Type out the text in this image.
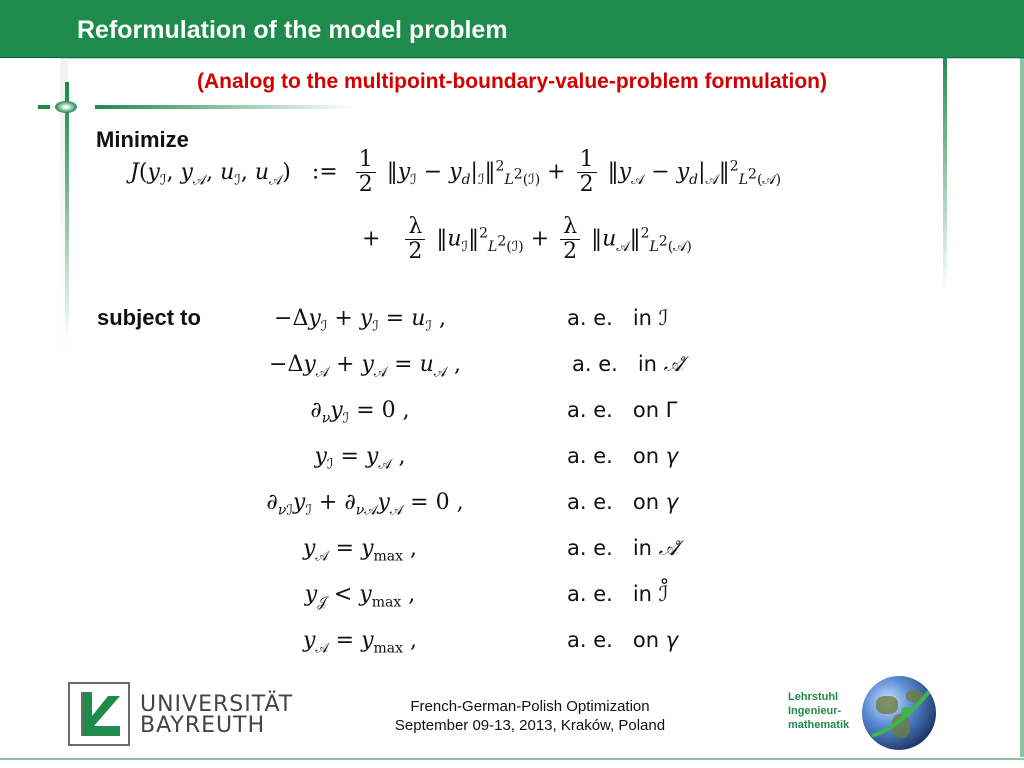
Reformulation of the model problem
(Analog to the multipoint-boundary-value-problem formulation)
Minimize
$J(y_ℐ$, $y_𝒜$, $u_ℐ$, $u_𝒜$)   := $\frac{1}{2}$ $‖y_ℐ$ − $y_d|_ℐ‖^2_{L^2(ℐ)} + \frac{1}{2}$ $‖y_𝒜$ − $y_d|_𝒜‖^2_{L^2(𝒜)}$
+ $\frac{\lambda}{2}$ $‖u_ℐ‖^2_{L^2(ℐ)} + \frac{\lambda}{2}$ $‖u_𝒜‖^2_{L^2(𝒜)}$
subject to	$-\Delta y_ℐ + y_ℐ = u_ℐ$ ,	a. e.   in ℐ
$-\Delta y_𝒜 + y_𝒜 = u_𝒜$ ,	a. e.   in 𝒜̊
$\partial_\nu y_ℐ = 0$ ,	a. e.   on Γ
$y_ℐ = y_𝒜$ ,	a. e.   on γ
$\partial_{\nu ℐ}y_ℐ + \partial_{\nu 𝒜}y_𝒜 = 0$ ,	a. e.   on γ
$y_𝒜 = y_{max}$ ,	a. e.   in 𝒜̊
$y_𝒥 < y_{max}$ ,	a. e.   in ℐ̊
$y_𝒜 = y_{max}$ ,	a. e.   on γ
UNIVERSITÄT
BAYREUTH
French-German-Polish Optimization
September 09-13, 2013, Kraków, Poland
Lehrstuhl
Ingenieur-
mathematik
